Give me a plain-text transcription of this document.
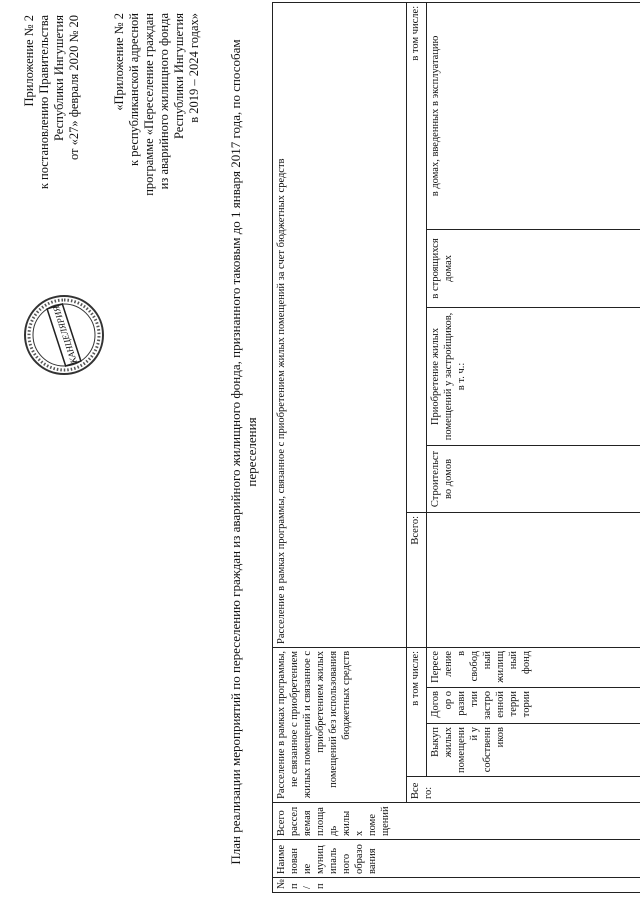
Приложение № 2 к постановлению Правительства Республики Ингушетия от «27» февраля 2020 № 20 «Приложение № 2 к республиканской адресной программе «Переселение граждан из аварийного жилищного фонда Республики Ингушетия в 2019 – 2024 годах»
КАНЦЕЛЯРИЯ	План реализации мероприятий по переселению граждан из аварийного жилищного фонда, признанного таковым до 1 января 2017 года, по способам переселения
№ п / п	Наименование муниципального образования	Всего расселяемая площадь жилых помещений	Расселение в рамках программы, не связанное с приобретением жилых помещений и связанное с приобретением жилых помещений без использования бюджетных средств				Расселение в рамках программы, связанное с приобретением жилых помещений за счет бюджетных средств					
			Всего:	в том числе:			Всего:	в том числе:				
				Выкуп жилых помещений у собственников	Договор о развитии застроенной территории	Переселение в свободный жилищный фонд		Строительство домов	Приобретение жилых помещений у застройщиков, в т. ч.:	в строящихся домах	в домах, введенных в эксплуатацию	
